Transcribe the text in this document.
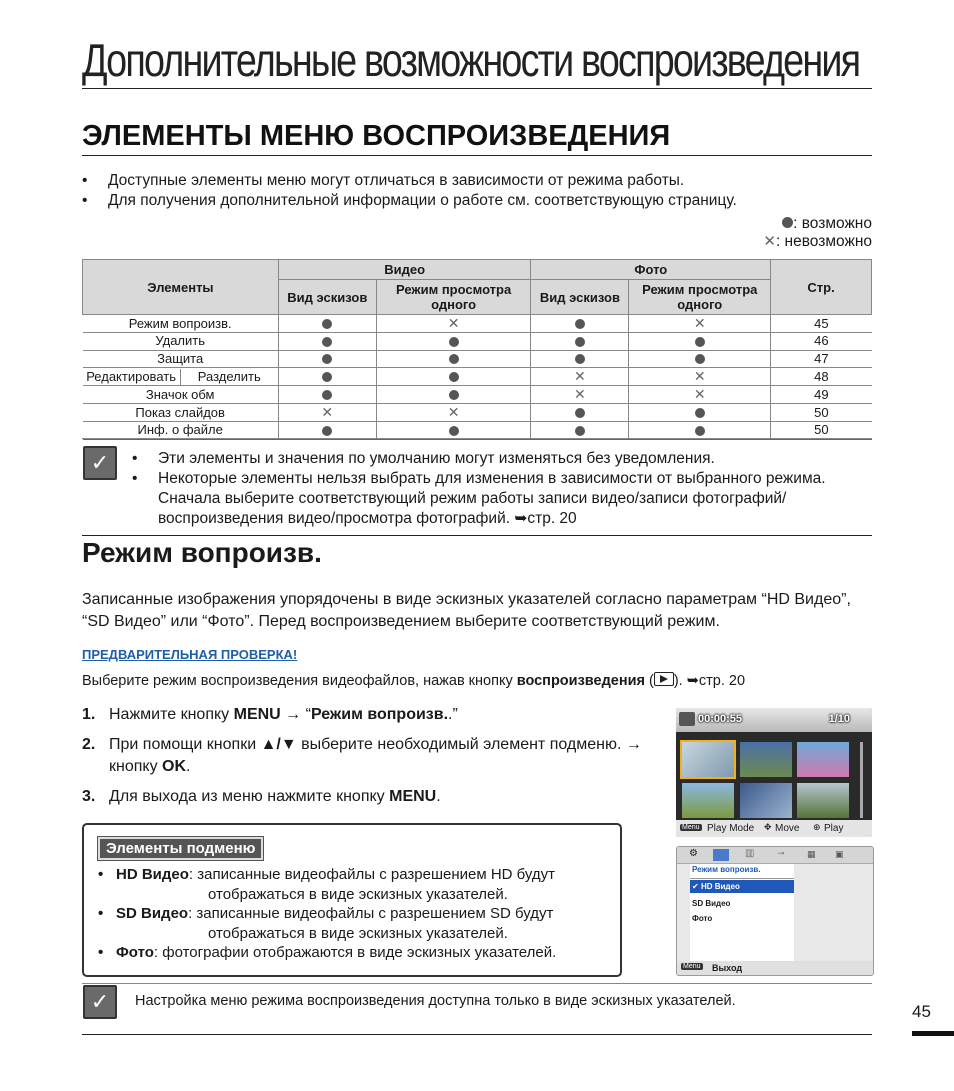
Дополнительные возможности воспроизведения
ЭЛЕМЕНТЫ МЕНЮ ВОСПРОИЗВЕДЕНИЯ
• Доступные элементы меню могут отличаться в зависимости от режима работы.
• Для получения дополнительной информации о работе см. соответствующую страницу.
: возможно
✕: невозможно
Элементы	Видео		Фото		Стр.
	Вид эскизов	Режим просмотра одного	Вид эскизов	Режим просмотра одного	
Режим вопроизв.		✕		✕	45
Удалить					46
Защита					47

Редактировать Разделить			✕	✕	48
Значок обм			✕	✕	49
Показ слайдов	✕	✕			50
Инф. о файле					50
✓	• Эти элементы и значения по умолчанию могут изменяться без уведомления.
• Некоторые элементы нельзя выбрать для изменения в зависимости от выбранного режима. Сначала выберите соответствующий режим работы записи видео/записи фотографий/воспроизведения видео/просмотра фотографий. ➥стр. 20
Режим вопроизв.
Записанные изображения упорядочены в виде эскизных указателей согласно параметрам “HD Видео”, “SD Видео” или “Фото”. Перед воспроизведением выберите соответствующий режим.
ПРЕДВАРИТЕЛЬНАЯ ПРОВЕРКА!
Выберите режим воспроизведения видеофайлов, нажав кнопку воспроизведения ( ). ➥стр. 20
1. Нажмите кнопку MENU → “Режим вопроизв..”
2. При помощи кнопки ▲/▼ выберите необходимый элемент подменю. → кнопку OK.
3. Для выхода из меню нажмите кнопку MENU.
Элементы подменю
• HD Видео: записанные видеофайлы с разрешением HD будут
отображаться в виде эскизных указателей.
• SD Видео: записанные видеофайлы с разрешением SD будут
отображаться в виде эскизных указателей.
• Фото: фотографии отображаются в виде эскизных указателей.
00:00:55	1/10
Menu Play Mode ✥ Move ⊕ Play
⚙	▥	⊸ ▦ ▣
Режим вопроизв.
✔ HD Видео
SD Видео
Фото
Menu Выход
✓	Настройка меню режима воспроизведения доступна только в виде эскизных указателей.
45
